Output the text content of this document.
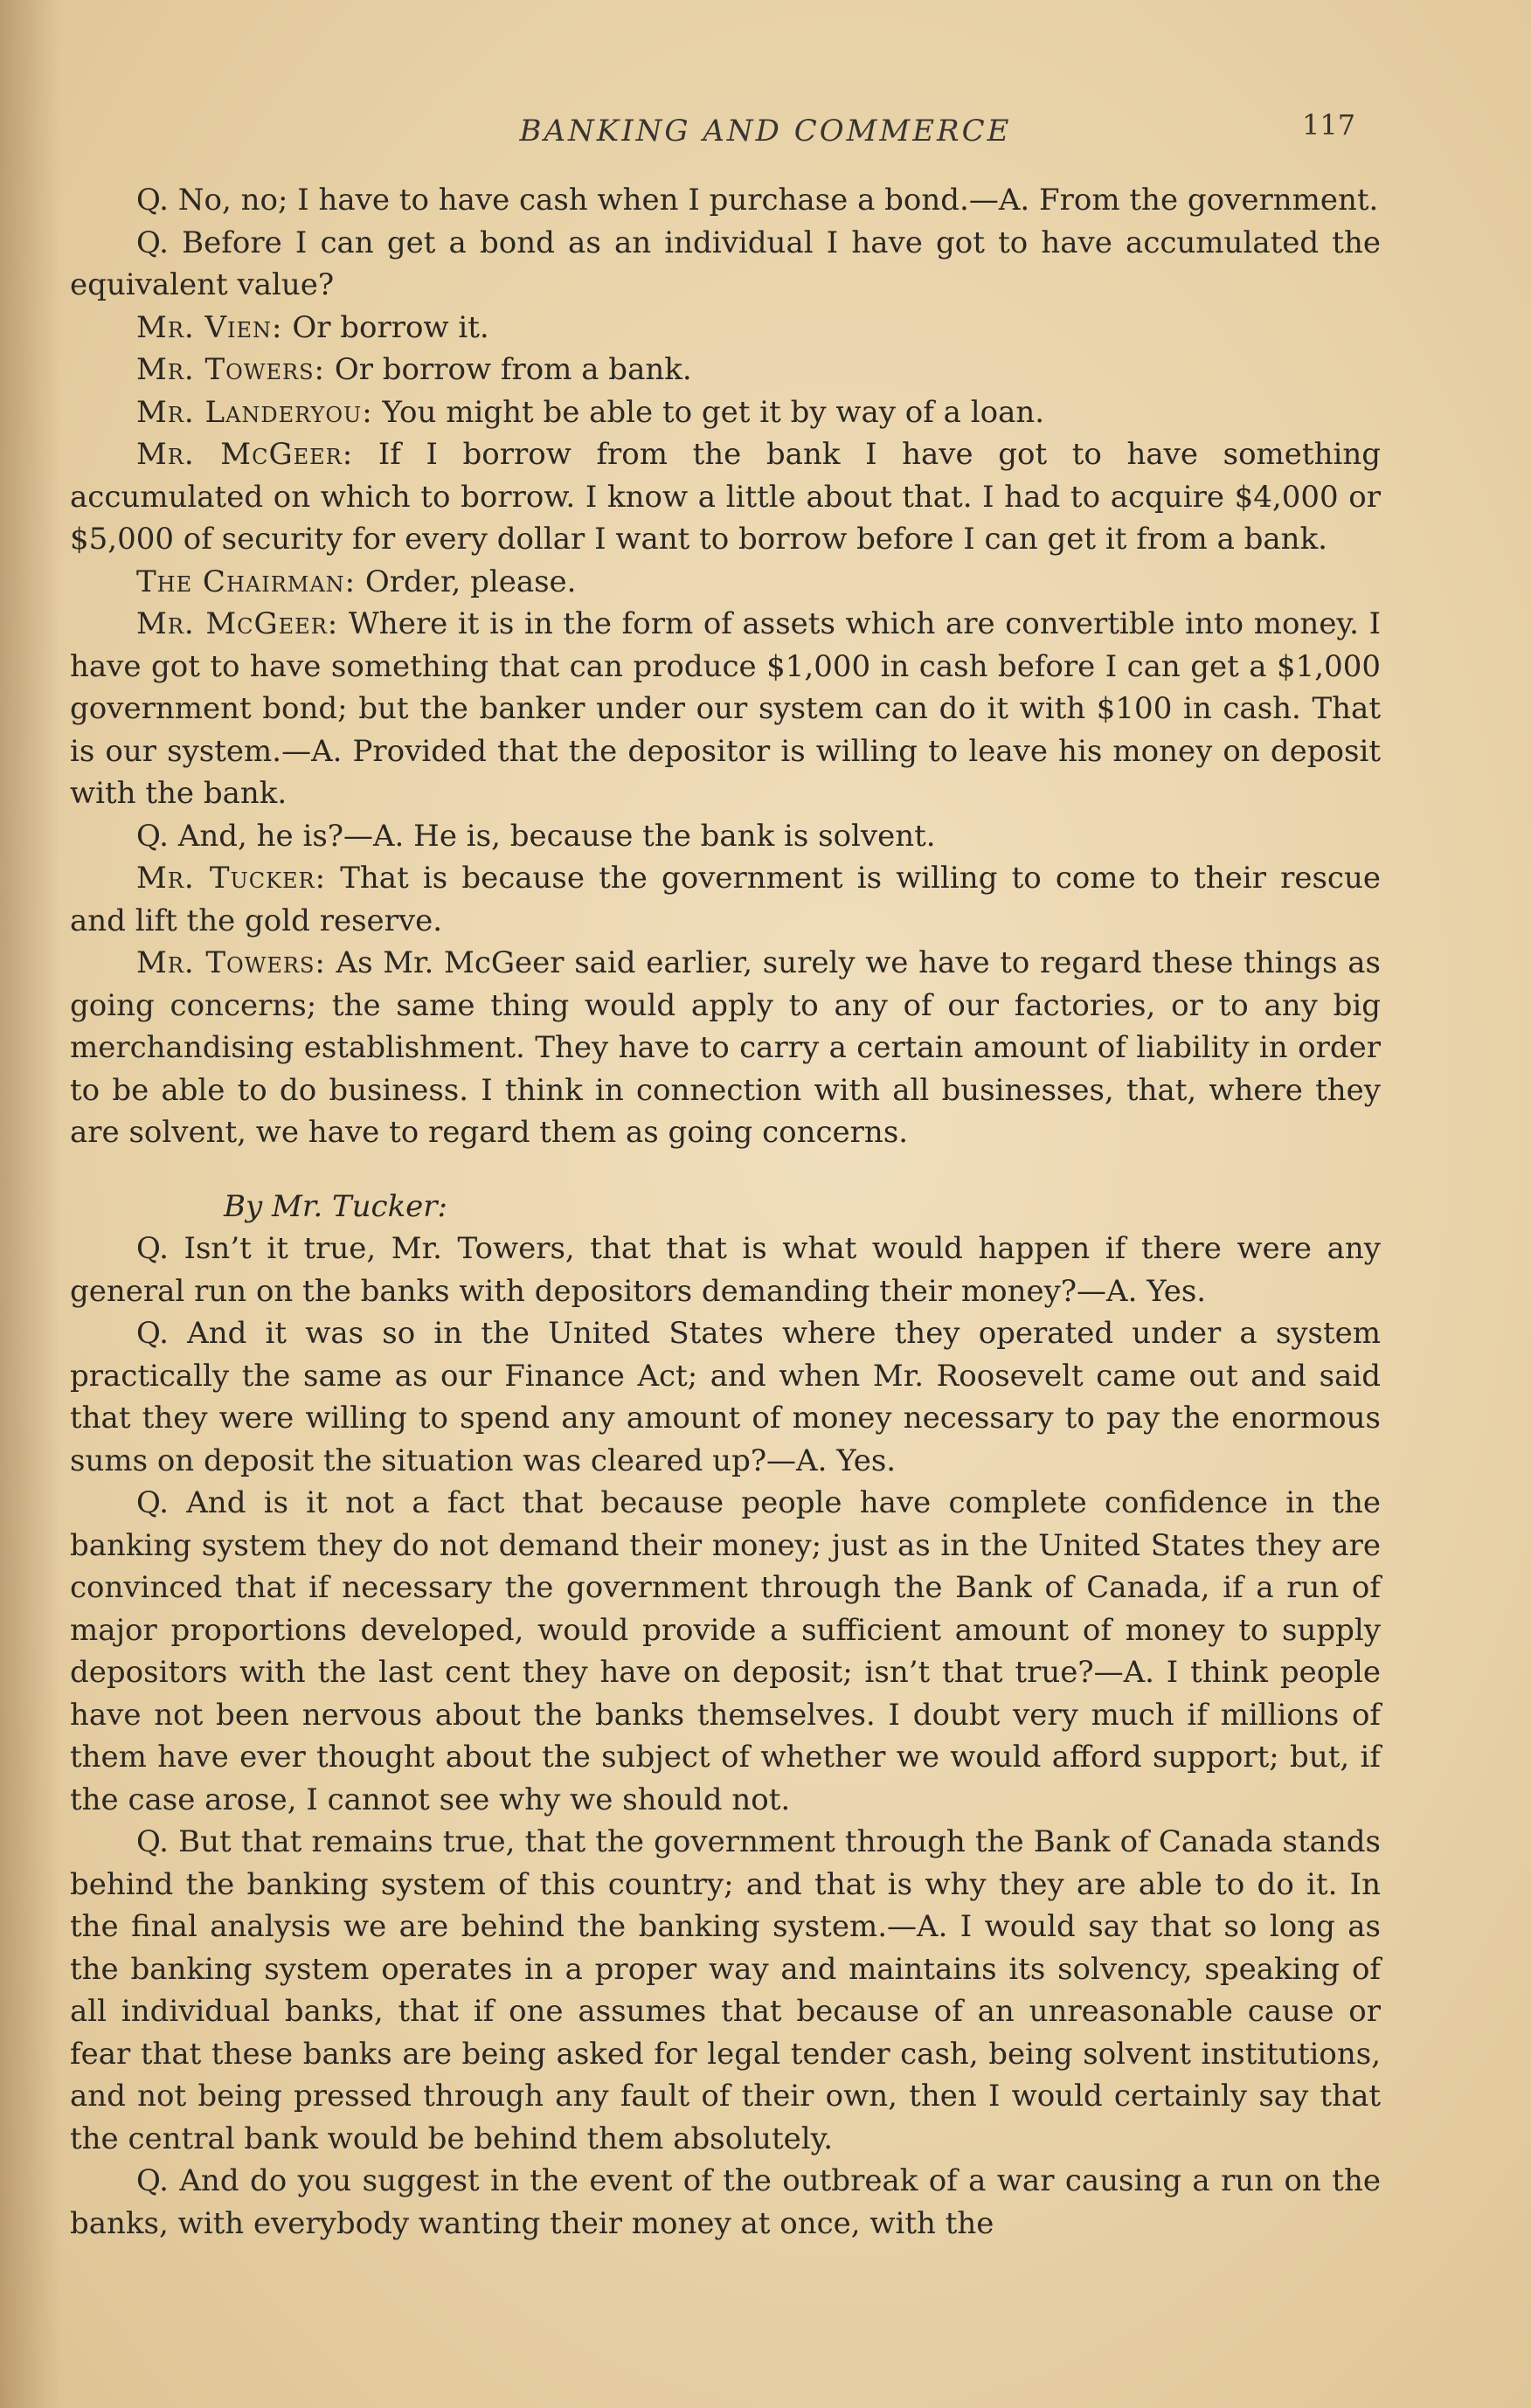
BANKING AND COMMERCE	117

Q. No, no; I have to have cash when I purchase a bond.—A. From the government.

Q. Before I can get a bond as an individual I have got to have accumulated the equivalent value?

Mr. Vien: Or borrow it.

Mr. Towers: Or borrow from a bank.

Mr. Landeryou: You might be able to get it by way of a loan.

Mr. McGeer: If I borrow from the bank I have got to have something accumulated on which to borrow. I know a little about that. I had to acquire $4,000 or $5,000 of security for every dollar I want to borrow before I can get it from a bank.

The Chairman: Order, please.

Mr. McGeer: Where it is in the form of assets which are convertible into money. I have got to have something that can produce $1,000 in cash before I can get a $1,000 government bond; but the banker under our system can do it with $100 in cash. That is our system.—A. Provided that the depositor is willing to leave his money on deposit with the bank.

Q. And, he is?—A. He is, because the bank is solvent.

Mr. Tucker: That is because the government is willing to come to their rescue and lift the gold reserve.

Mr. Towers: As Mr. McGeer said earlier, surely we have to regard these things as going concerns; the same thing would apply to any of our factories, or to any big merchandising establishment. They have to carry a certain amount of liability in order to be able to do business. I think in connection with all businesses, that, where they are solvent, we have to regard them as going concerns.

By Mr. Tucker:

Q. Isn’t it true, Mr. Towers, that that is what would happen if there were any general run on the banks with depositors demanding their money?—A. Yes.

Q. And it was so in the United States where they operated under a system practically the same as our Finance Act; and when Mr. Roosevelt came out and said that they were willing to spend any amount of money necessary to pay the enormous sums on deposit the situation was cleared up?—A. Yes.

Q. And is it not a fact that because people have complete confidence in the banking system they do not demand their money; just as in the United States they are convinced that if necessary the government through the Bank of Canada, if a run of major proportions developed, would provide a sufficient amount of money to supply depositors with the last cent they have on deposit; isn’t that true?—A. I think people have not been nervous about the banks themselves. I doubt very much if millions of them have ever thought about the subject of whether we would afford support; but, if the case arose, I cannot see why we should not.

Q. But that remains true, that the government through the Bank of Canada stands behind the banking system of this country; and that is why they are able to do it. In the final analysis we are behind the banking system.—A. I would say that so long as the banking system operates in a proper way and maintains its solvency, speaking of all individual banks, that if one assumes that because of an unreasonable cause or fear that these banks are being asked for legal tender cash, being solvent institutions, and not being pressed through any fault of their own, then I would certainly say that the central bank would be behind them absolutely.

Q. And do you suggest in the event of the outbreak of a war causing a run on the banks, with everybody wanting their money at once, with the
